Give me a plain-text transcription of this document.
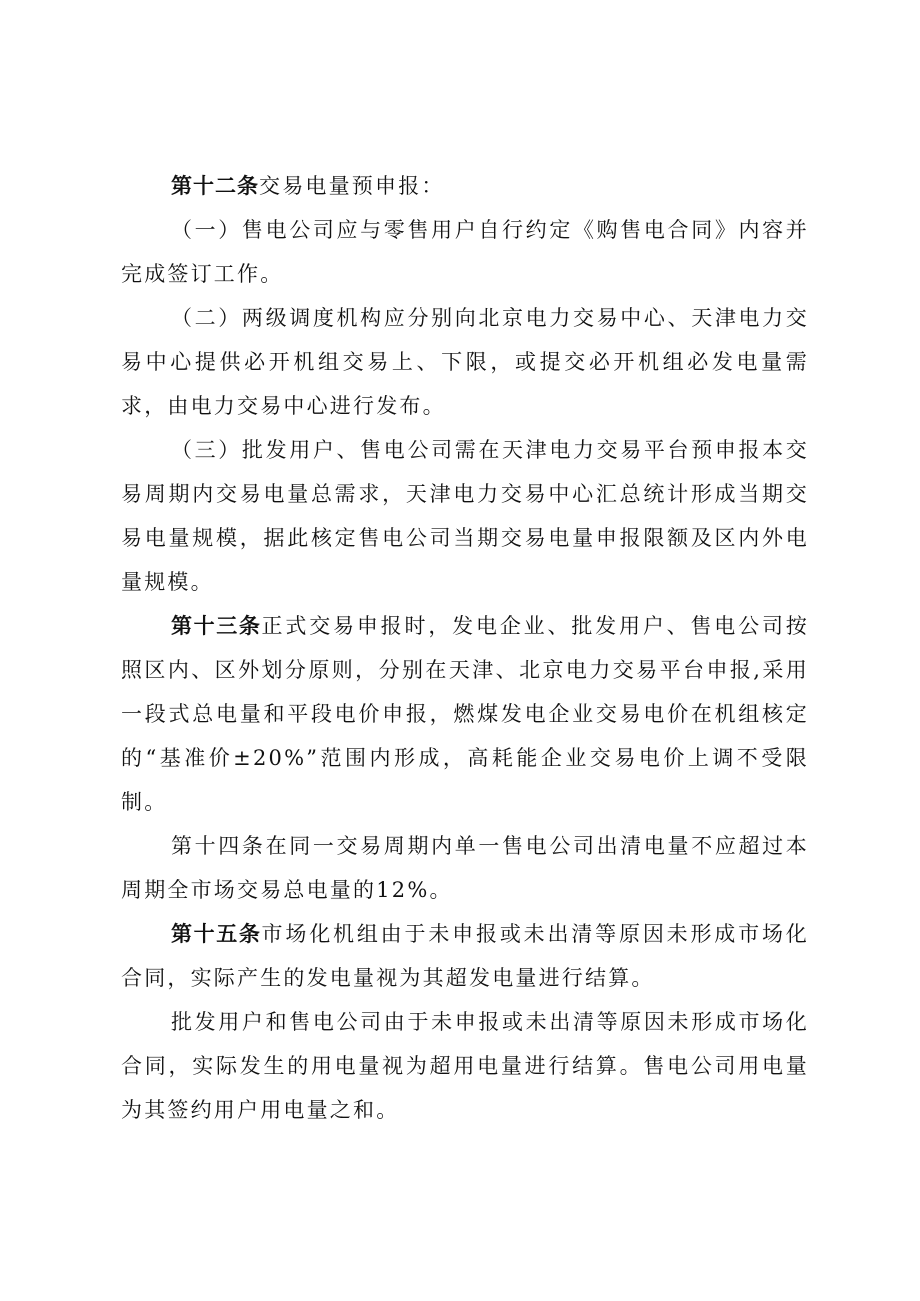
第十二条交易电量预申报：

（一）售电公司应与零售用户自行约定《购售电合同》内容并完成签订工作。

（二）两级调度机构应分别向北京电力交易中心、天津电力交易中心提供必开机组交易上、下限，或提交必开机组必发电量需求，由电力交易中心进行发布。

（三）批发用户、售电公司需在天津电力交易平台预申报本交易周期内交易电量总需求，天津电力交易中心汇总统计形成当期交易电量规模，据此核定售电公司当期交易电量申报限额及区内外电量规模。

第十三条正式交易申报时，发电企业、批发用户、售电公司按照区内、区外划分原则，分别在天津、北京电力交易平台申报,采用一段式总电量和平段电价申报，燃煤发电企业交易电价在机组核定的“基准价±20%”范围内形成，高耗能企业交易电价上调不受限制。

第十四条在同一交易周期内单一售电公司出清电量不应超过本周期全市场交易总电量的12%。

第十五条市场化机组由于未申报或未出清等原因未形成市场化合同，实际产生的发电量视为其超发电量进行结算。

批发用户和售电公司由于未申报或未出清等原因未形成市场化合同，实际发生的用电量视为超用电量进行结算。售电公司用电量为其签约用户用电量之和。
